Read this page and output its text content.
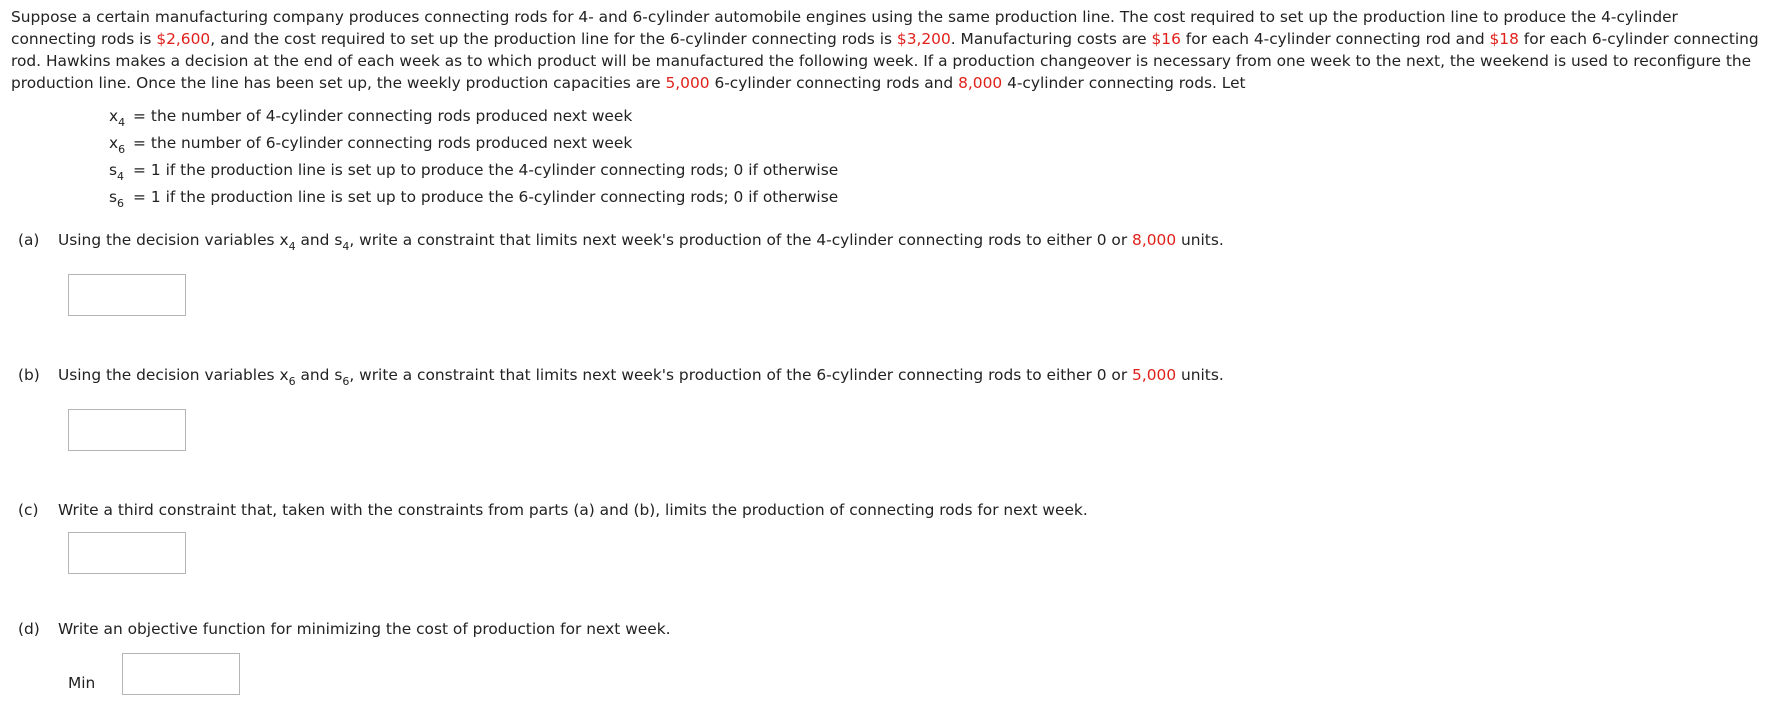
Suppose a certain manufacturing company produces connecting rods for 4- and 6-cylinder automobile engines using the same production line. The cost required to set up the production line to produce the 4-cylinder connecting rods is $2,600, and the cost required to set up the production line for the 6-cylinder connecting rods is $3,200. Manufacturing costs are $16 for each 4-cylinder connecting rod and $18 for each 6-cylinder connecting rod. Hawkins makes a decision at the end of each week as to which product will be manufactured the following week. If a production changeover is necessary from one week to the next, the weekend is used to reconfigure the production line. Once the line has been set up, the weekly production capacities are 5,000 6-cylinder connecting rods and 8,000 4-cylinder connecting rods. Let

$x_4$ = the number of 4-cylinder connecting rods produced next week
$x_6$ = the number of 6-cylinder connecting rods produced next week
$s_4 = 1$ if the production line is set up to produce the 4-cylinder connecting rods; 0 if otherwise
$s_6 = 1$ if the production line is set up to produce the 6-cylinder connecting rods; 0 if otherwise
(a)	Using the decision variables $x_4$ and $s_4$, write a constraint that limits next week's production of the 4-cylinder connecting rods to either 0 or 8,000 units.
(b)	Using the decision variables $x_6$ and $s_6$, write a constraint that limits next week's production of the 6-cylinder connecting rods to either 0 or 5,000 units.
(c)	Write a third constraint that, taken with the constraints from parts (a) and (b), limits the production of connecting rods for next week.
(d)	Write an objective function for minimizing the cost of production for next week.
Min
